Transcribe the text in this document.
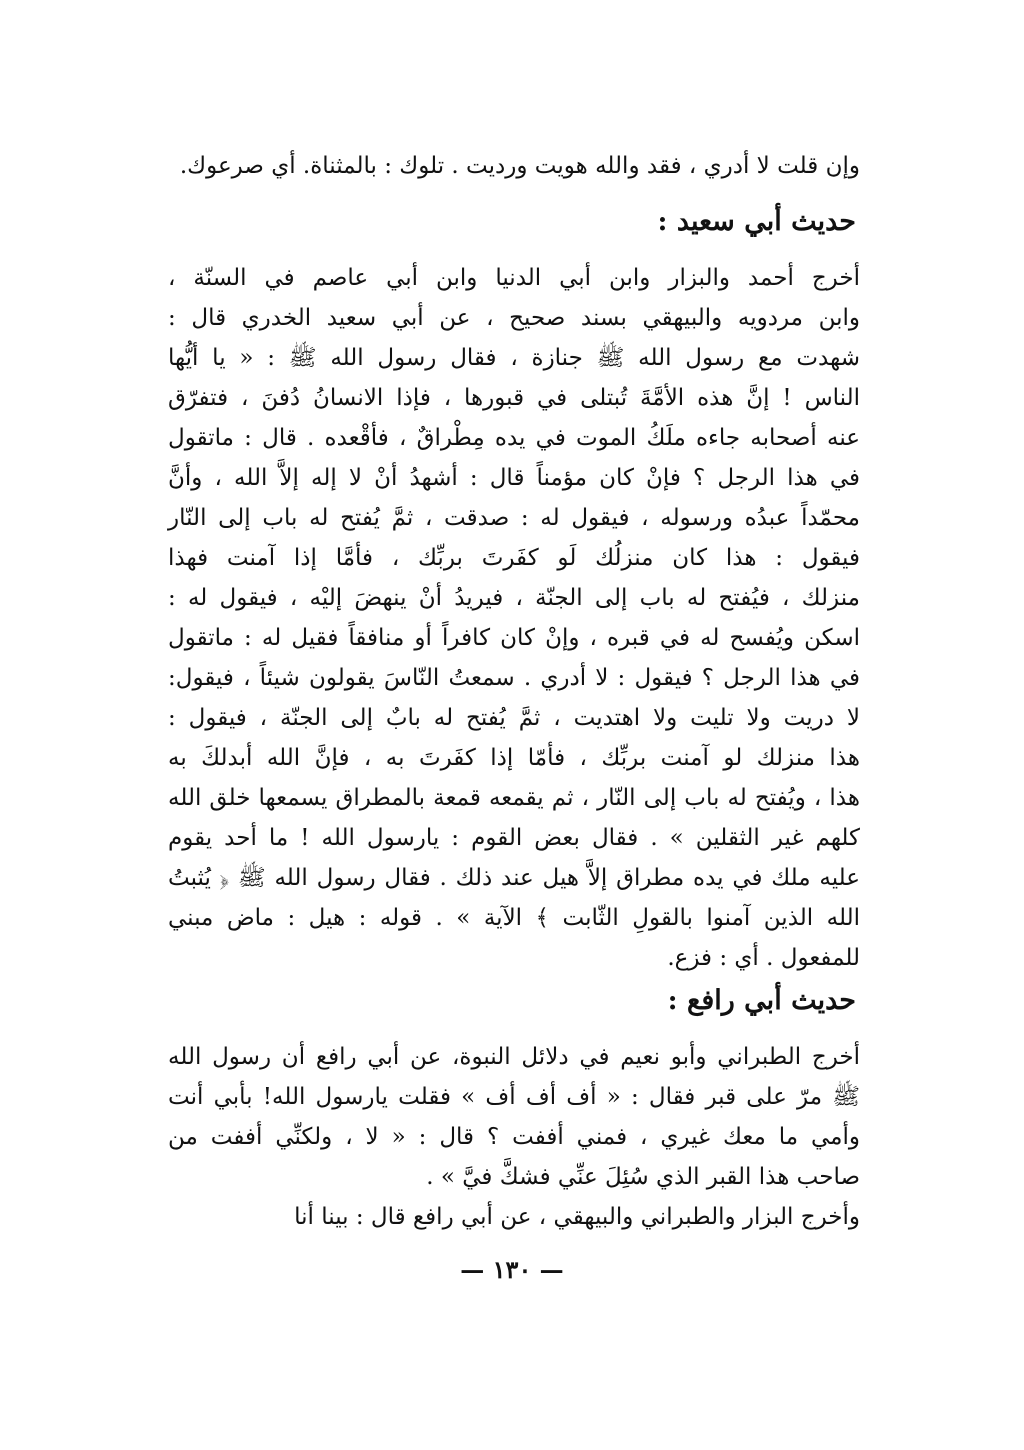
وإن قلت لا أدري ، فقد والله هويت ورديت . تلوك : بالمثناة. أي صرعوك.
حديث أبي سعيد :
أخرج أحمد والبزار وابن أبي الدنيا وابن أبي عاصم في السنّة ،
وابن مردويه والبيهقي بسند صحيح ، عن أبي سعيد الخدري قال :
شهدت مع رسول الله ﷺ جنازة ، فقال رسول الله ﷺ : « يا أيُّها
الناس ! إنَّ هذه الأمَّةَ تُبتلى في قبورها ، فإذا الانسانُ دُفنَ ، فتفرّق
عنه أصحابه جاءه ملَكُ الموت في يده مِطْراقٌ ، فأقْعده . قال : ماتقول
في هذا الرجل ؟ فإنْ كان مؤمناً قال : أشهدُ أنْ لا إله إلاَّ الله ، وأنَّ
محمّداً عبدُه ورسوله ، فيقول له : صدقت ، ثمَّ يُفتح له باب إلى النّار
فيقول : هذا كان منزلُك لَو كفَرتَ بربِّك ، فأمَّا إذا آمنت فهذا
منزلك ، فيُفتح له باب إلى الجنّة ، فيريدُ أنْ ينهضَ إليْه ، فيقول له :
اسكن ويُفسح له في قبره ، وإنْ كان كافراً أو منافقاً فقيل له : ماتقول
في هذا الرجل ؟ فيقول : لا أدري . سمعتُ النّاسَ يقولون شيئاً ، فيقول:
لا دريت ولا تليت ولا اهتديت ، ثمَّ يُفتح له بابٌ إلى الجنّة ، فيقول :
هذا منزلك لو آمنت بربِّك ، فأمّا إذا كفَرتَ به ، فإنَّ الله أبدلكَ به
هذا ، ويُفتح له باب إلى النّار ، ثم يقمعه قمعة بالمطراق يسمعها خلق الله
كلهم غير الثقلين » . فقال بعض القوم : يارسول الله ! ما أحد يقوم
عليه ملك في يده مطراق إلاَّ هيل عند ذلك . فقال رسول الله ﷺ ﴿ يُثبتُ
الله الذين آمنوا بالقولِ الثّابت ﴾ الآية » . قوله : هيل : ماض مبني
للمفعول . أي : فزع.
حديث أبي رافع :
أخرج الطبراني وأبو نعيم في دلائل النبوة، عن أبي رافع أن رسول الله
ﷺ مرّ على قبر فقال : « أف أف أف » فقلت يارسول الله! بأبي أنت
وأمي ما معك غيري ، فمني أففت ؟ قال : « لا ، ولكنِّي أففت من
صاحب هذا القبر الذي سُئِلَ عنِّي فشكَّ فيَّ » .
وأخرج البزار والطبراني والبيهقي ، عن أبي رافع قال : بينا أنا
— ١٣٠ —
